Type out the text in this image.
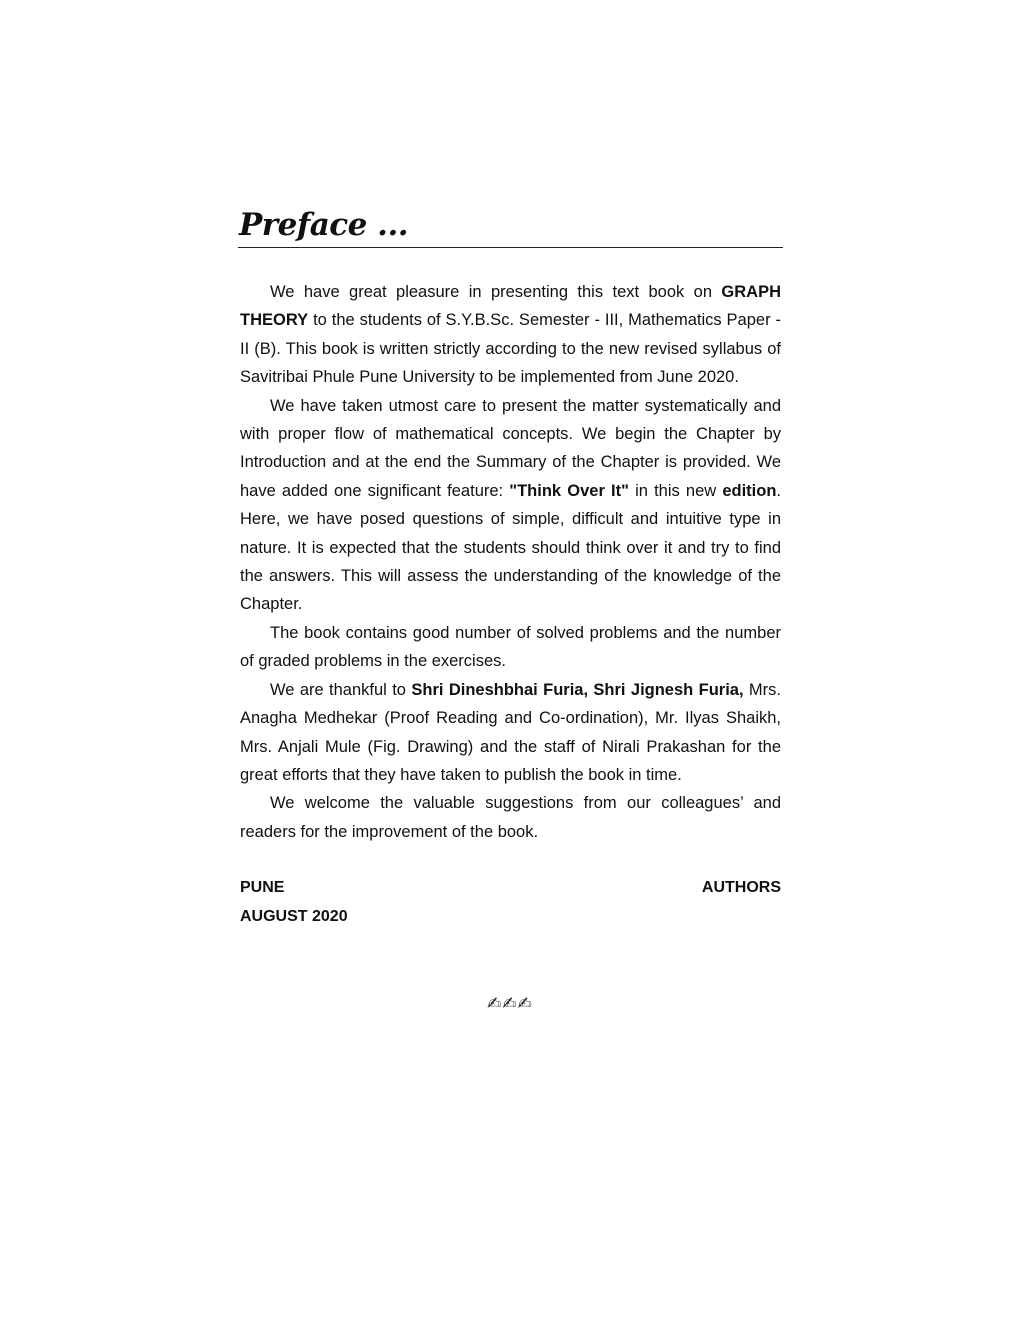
Preface ...

We have great pleasure in presenting this text book on GRAPH THEORY to the students of S.Y.B.Sc. Semester - III, Mathematics Paper - II (B). This book is written strictly according to the new revised syllabus of Savitribai Phule Pune University to be implemented from June 2020.

We have taken utmost care to present the matter systematically and with proper flow of mathematical concepts. We begin the Chapter by Introduction and at the end the Summary of the Chapter is provided. We have added one significant feature: "Think Over It" in this new edition. Here, we have posed questions of simple, difficult and intuitive type in nature. It is expected that the students should think over it and try to find the answers. This will assess the understanding of the knowledge of the Chapter.

The book contains good number of solved problems and the number of graded problems in the exercises.

We are thankful to Shri Dineshbhai Furia, Shri Jignesh Furia, Mrs. Anagha Medhekar (Proof Reading and Co-ordination), Mr. Ilyas Shaikh, Mrs. Anjali Mule (Fig. Drawing) and the staff of Nirali Prakashan for the great efforts that they have taken to publish the book in time.

We welcome the valuable suggestions from our colleagues’ and readers for the improvement of the book.

PUNE	AUTHORS
AUGUST 2020
✍✍✍
